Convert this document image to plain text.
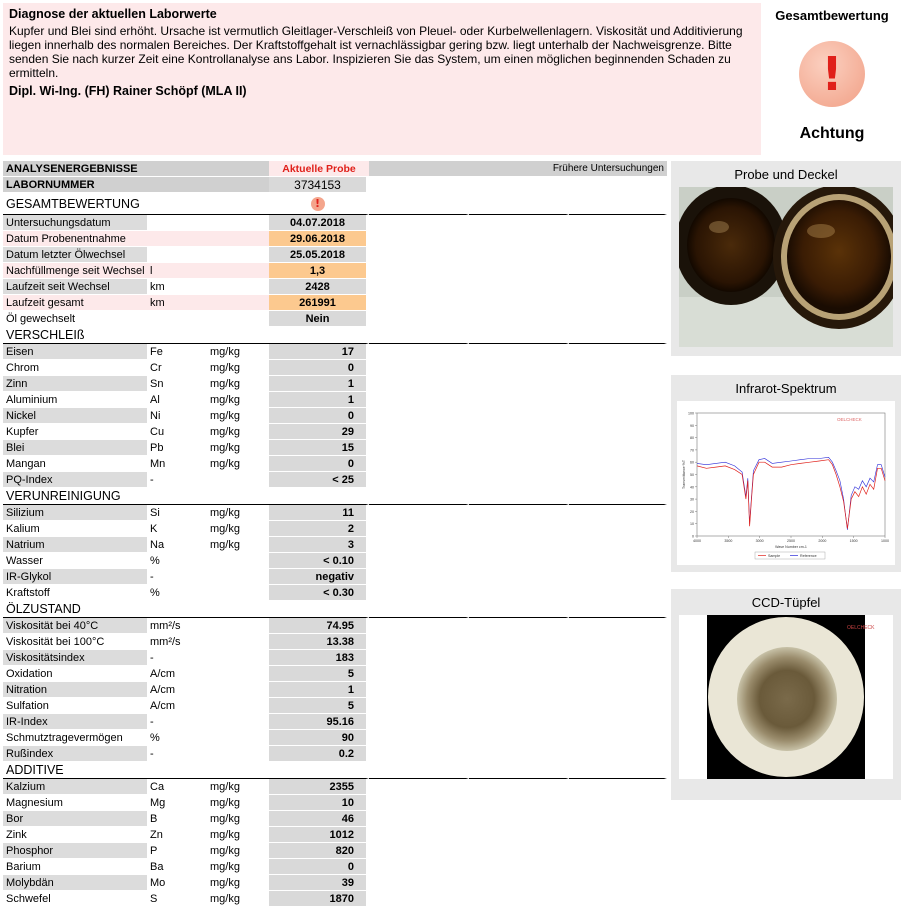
Diagnose der aktuellen Laborwerte

Kupfer und Blei sind erhöht. Ursache ist vermutlich Gleitlager-Verschleiß von Pleuel- oder Kurbelwellenlagern. Viskosität und Additivierung liegen innerhalb des normalen Bereiches. Der Kraftstoffgehalt ist vernachlässigbar gering bzw. liegt unterhalb der Nachweisgrenze. Bitte senden Sie nach kurzer Zeit eine Kontrollanalyse ans Labor. Inspizieren Sie das System, um einen möglichen beginnenden Schaden zu ermitteln.

Dipl. Wi-Ing. (FH) Rainer Schöpf (MLA II)
Gesamtbewertung
!
Achtung
ANALYSENERGEBNISSE			Aktuelle Probe	Frühere Untersuchungen		
LABORNUMMER			3734153			
GESAMTBEWERTUNG			!			
Untersuchungsdatum			04.07.2018			
Datum Probenentnahme			29.06.2018			
Datum letzter Ölwechsel			25.05.2018			
Nachfüllmenge seit Wechsel	l		1,3			
Laufzeit seit Wechsel	km		2428			
Laufzeit gesamt	km		261991			
Öl gewechselt			Nein			
VERSCHLEIß						
Eisen	Fe	mg/kg	17			
Chrom	Cr	mg/kg	0			
Zinn	Sn	mg/kg	1			
Aluminium	Al	mg/kg	1			
Nickel	Ni	mg/kg	0			
Kupfer	Cu	mg/kg	29			
Blei	Pb	mg/kg	15			
Mangan	Mn	mg/kg	0			
PQ-Index	-		< 25			
VERUNREINIGUNG						
Silizium	Si	mg/kg	11			
Kalium	K	mg/kg	2			
Natrium	Na	mg/kg	3			
Wasser	%		< 0.10			
IR-Glykol	-		negativ			
Kraftstoff	%		< 0.30			
ÖLZUSTAND						
Viskosität bei 40°C	mm²/s		74.95			
Viskosität bei 100°C	mm²/s		13.38			
Viskositätsindex	-		183			
Oxidation	A/cm		5			
Nitration	A/cm		1			
Sulfation	A/cm		5			
IR-Index	-		95.16			
Schmutztragevermögen	%		90			
Rußindex	-		0.2			
ADDITIVE						
Kalzium	Ca	mg/kg	2355			
Magnesium	Mg	mg/kg	10			
Bor	B	mg/kg	46			
Zink	Zn	mg/kg	1012			
Phosphor	P	mg/kg	820			
Barium	Ba	mg/kg	0			
Molybdän	Mo	mg/kg	39			
Schwefel	S	mg/kg	1870			
Probe und Deckel
Infrarot-Spektrum
100
90
80
70
60
50
40
30
20
10
0
4000	3500	3000	2500	2000	1500	1000
Wave Number cm-1
Transmittance %T
OELCHECK
Sample	Reference
CCD-Tüpfel
OELCHECK
